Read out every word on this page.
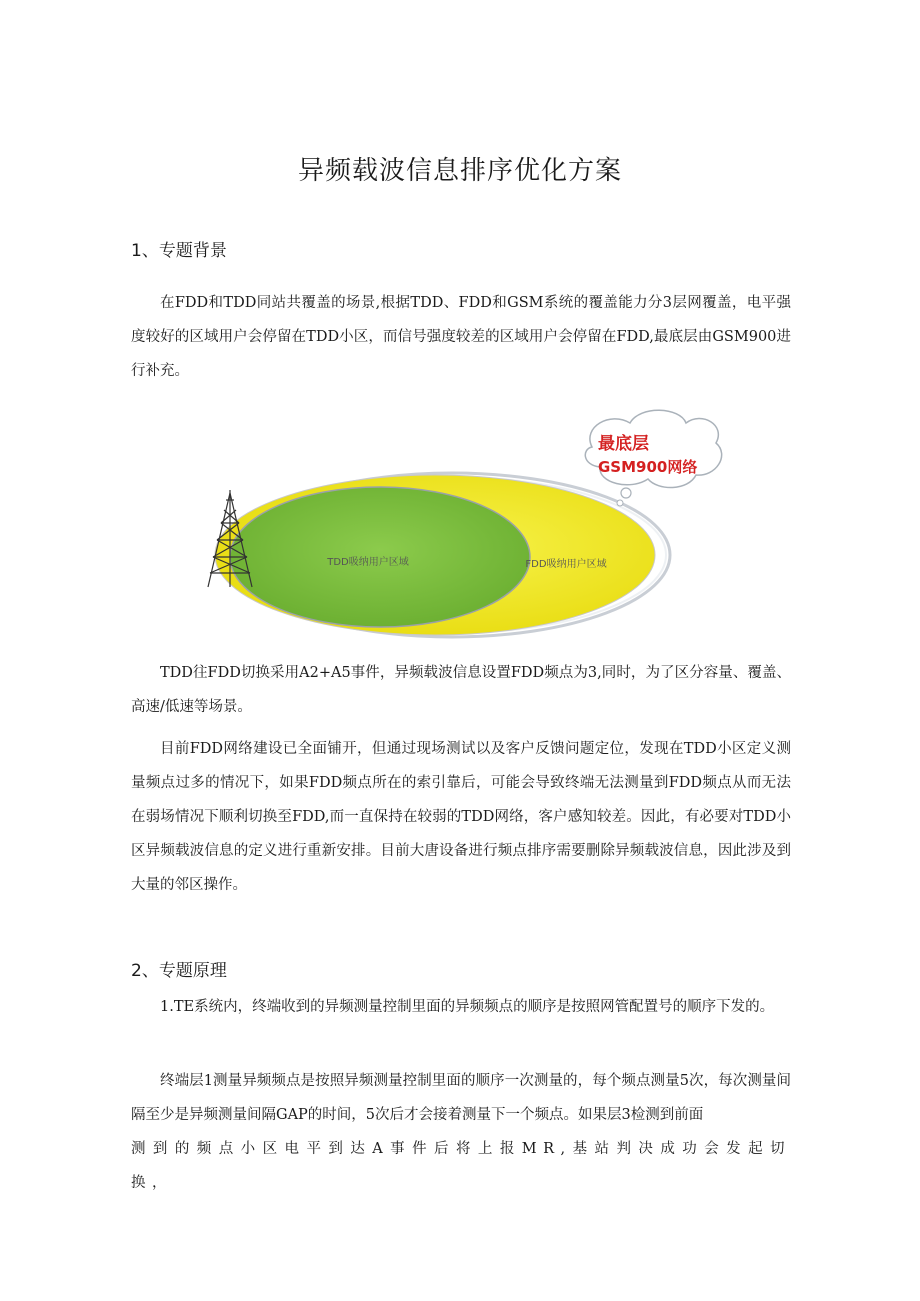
异频载波信息排序优化方案
1、专题背景

在FDD和TDD同站共覆盖的场景,根据TDD、FDD和GSM系统的覆盖能力分3层网覆盖，电平强度较好的区域用户会停留在TDD小区，而信号强度较差的区域用户会停留在FDD,最底层由GSM900进行补充。

TDD吸纳用户区域	FDD吸纳用户区域
最底层
GSM900网络

TDD往FDD切换采用A2+A5事件，异频载波信息设置FDD频点为3,同时，为了区分容量、覆盖、高速/低速等场景。

目前FDD网络建设已全面铺开，但通过现场测试以及客户反馈问题定位，发现在TDD小区定义测量频点过多的情况下，如果FDD频点所在的索引靠后，可能会导致终端无法测量到FDD频点从而无法在弱场情况下顺利切换至FDD,而一直保持在较弱的TDD网络，客户感知较差。因此，有必要对TDD小区异频载波信息的定义进行重新安排。目前大唐设备进行频点排序需要删除异频载波信息，因此涉及到大量的邻区操作。

2、专题原理

1.TE系统内，终端收到的异频测量控制里面的异频频点的顺序是按照网管配置号的顺序下发的。

终端层1测量异频频点是按照异频测量控制里面的顺序一次测量的，每个频点测量5次，每次测量间隔至少是异频测量间隔GAP的时间，5次后才会接着测量下一个频点。如果层3检测到前面

测到的频点小区电平到达A事件后将上报MR,基站判决成功会发起切换，
